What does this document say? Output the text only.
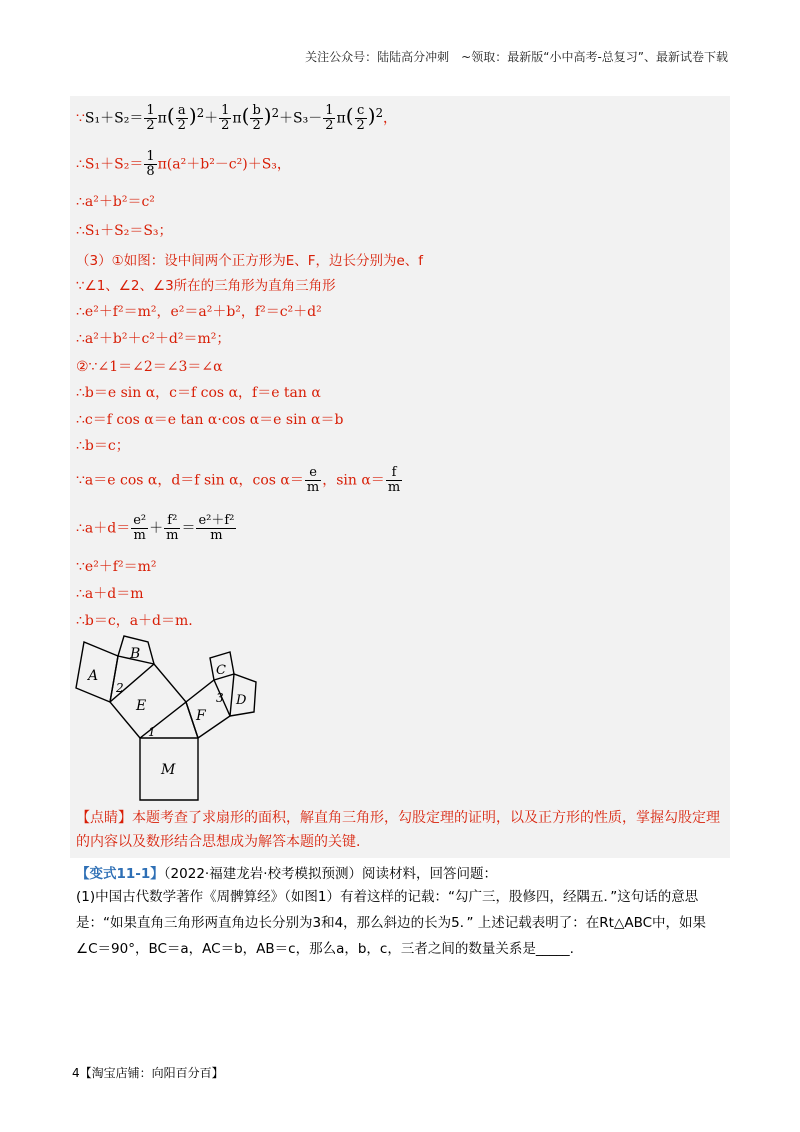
关注公众号：陆陆高分冲刺　~领取：最新版“小中高考-总复习”、最新试卷下载
∵S₁＋S₂＝ $\frac{1}{2} \pi( \frac{a}{2} )^2+ \frac{1}{2} \pi( \frac{b}{2} )^2+S_3- \frac{1}{2} \pi( \frac{c}{2} )^2$，
∴S₁＋S₂＝ $\frac{1}{8} \pi(a^2+b^2-c^2)+S_3$，
∴a²＋b²＝c²
∴S₁＋S₂＝S₃；
（3）①如图：设中间两个正方形为E、F，边长分别为e、f
∵∠1、∠2、∠3所在的三角形为直角三角形
∴e²＋f²＝m²，e²＝a²＋b²，f²＝c²＋d²
∴a²＋b²＋c²＋d²＝m²；
②∵∠1＝∠2＝∠3＝∠α
∴b＝e sin α，c＝f cos α，f＝e tan α
∴c＝f cos α＝e tan α·cos α＝e sin α＝b
∴b＝c；
∵a＝e cos α，d＝f sin α，$\cos \alpha= \frac{e}{m}$ ，$\sin \alpha= \frac{f}{m}$
∴a＋d＝ $\frac{\text{e²}}{m} + \frac{\text{f²}}{m} = \frac{\text{e²＋f²}}{m}$
∵e²＋f²＝m²
∴a＋d＝m
∴b＝c，a＋d＝m.
A
B
C
D
E
F
M
1
2
3
【点睛】本题考查了求扇形的面积，解直角三角形，勾股定理的证明，以及正方形的性质，掌握勾股定理的内容以及数形结合思想成为解答本题的关键.
【变式11-1】（2022·福建龙岩·校考模拟预测）阅读材料，回答问题：
(1)中国古代数学著作《周髀算经》（如图1）有着这样的记载：“勾广三，股修四，经隅五．”这句话的意思是：“如果直角三角形两直角边长分别为3和4，那么斜边的长为5．” 上述记载表明了：在Rt△ABC中，如果∠C＝90°，BC＝a，AC＝b，AB＝c，那么a，b，c，三者之间的数量关系是_____.
4【淘宝店铺：向阳百分百】
